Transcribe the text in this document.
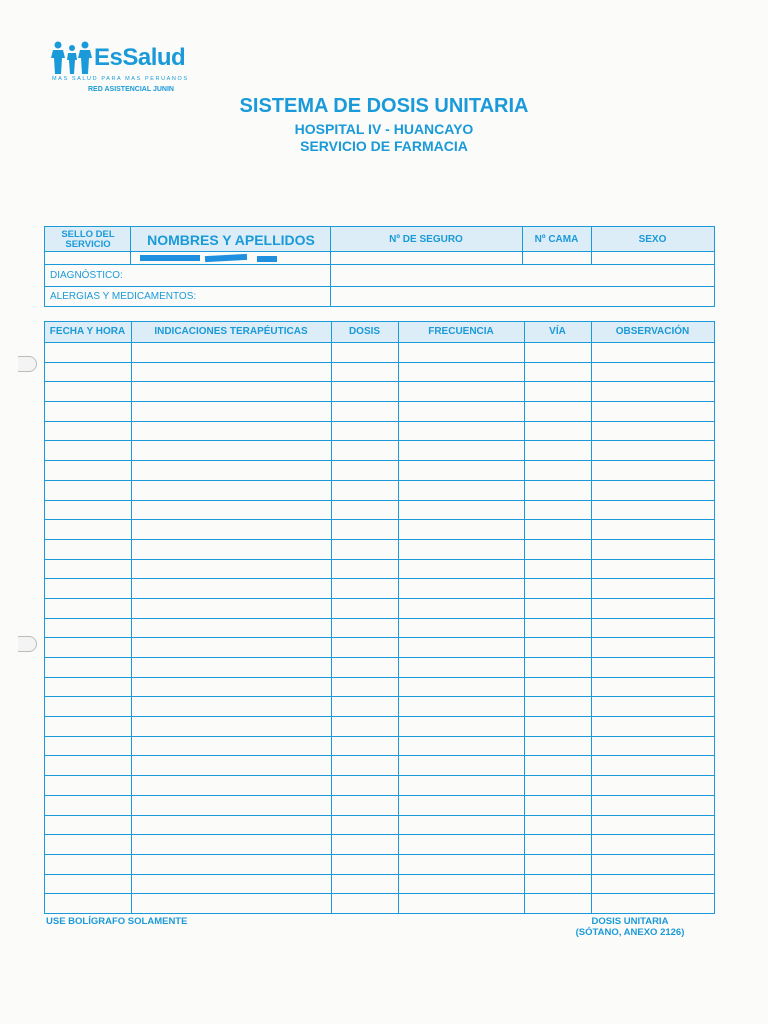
EsSalud
MAS SALUD PARA MAS PERUANOS
RED ASISTENCIAL JUNIN
SISTEMA DE DOSIS UNITARIA
HOSPITAL IV - HUANCAYO
SERVICIO DE FARMACIA
SELLO DEL SERVICIO	NOMBRES Y APELLIDOS	Nº DE SEGURO	Nº CAMA	SEXO
DIAGNÓSTICO:
ALERGIAS Y MEDICAMENTOS:
FECHA Y HORA	INDICACIONES TERAPÉUTICAS	DOSIS	FRECUENCIA	VÍA	OBSERVACIÓN
USE BOLÍGRAFO SOLAMENTE	DOSIS UNITARIA
(SÓTANO, ANEXO 2126)
